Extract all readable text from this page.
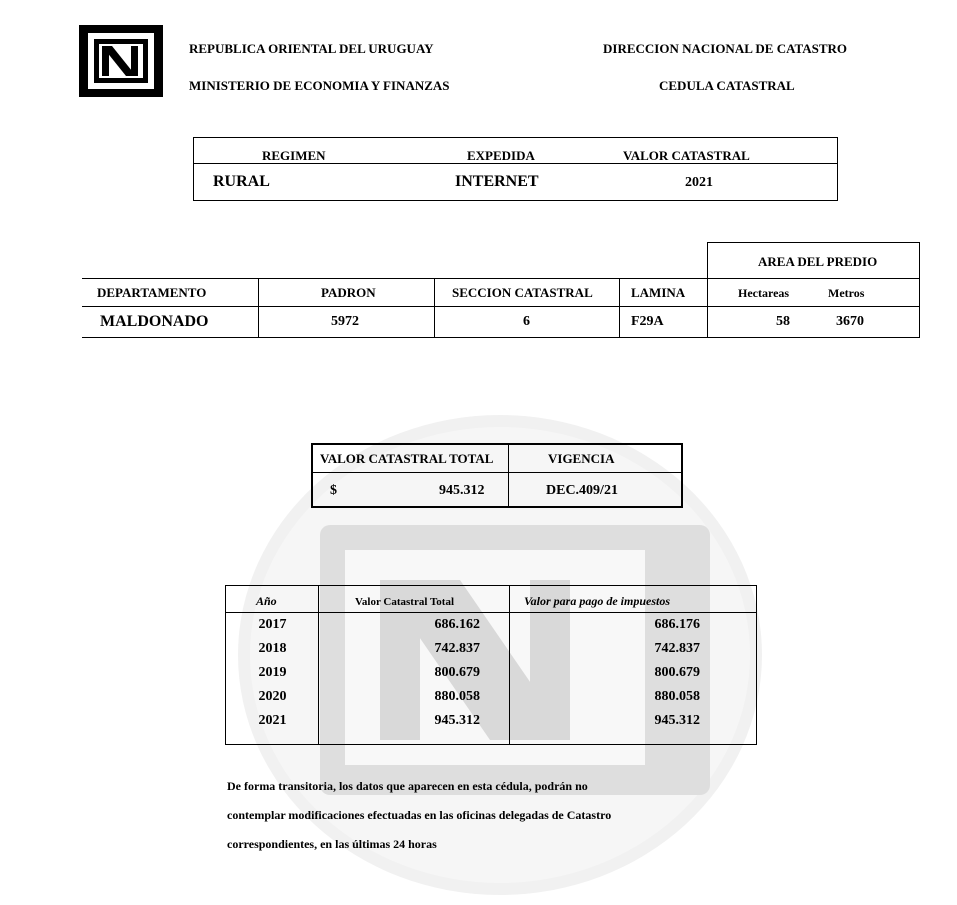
REPUBLICA ORIENTAL DEL URUGUAY
MINISTERIO DE ECONOMIA Y FINANZAS
DIRECCION NACIONAL DE CATASTRO
CEDULA CATASTRAL
REGIMEN	EXPEDIDA	VALOR CATASTRAL
RURAL	INTERNET	2021
AREA DEL PREDIO
DEPARTAMENTO	PADRON	SECCION CATASTRAL	LAMINA	Hectareas	Metros
MALDONADO	5972	6	F29A	58	3670
VALOR CATASTRAL TOTAL	VIGENCIA
$	945.312	DEC.409/21
Año	Valor Catastral Total	Valor para pago de impuestos
2017	686.162	686.176
2018	742.837	742.837
2019	800.679	800.679
2020	880.058	880.058
2021	945.312	945.312
De forma transitoria, los datos que aparecen en esta cédula, podrán no
contemplar modificaciones efectuadas en las oficinas delegadas de Catastro
correspondientes, en las últimas 24 horas
